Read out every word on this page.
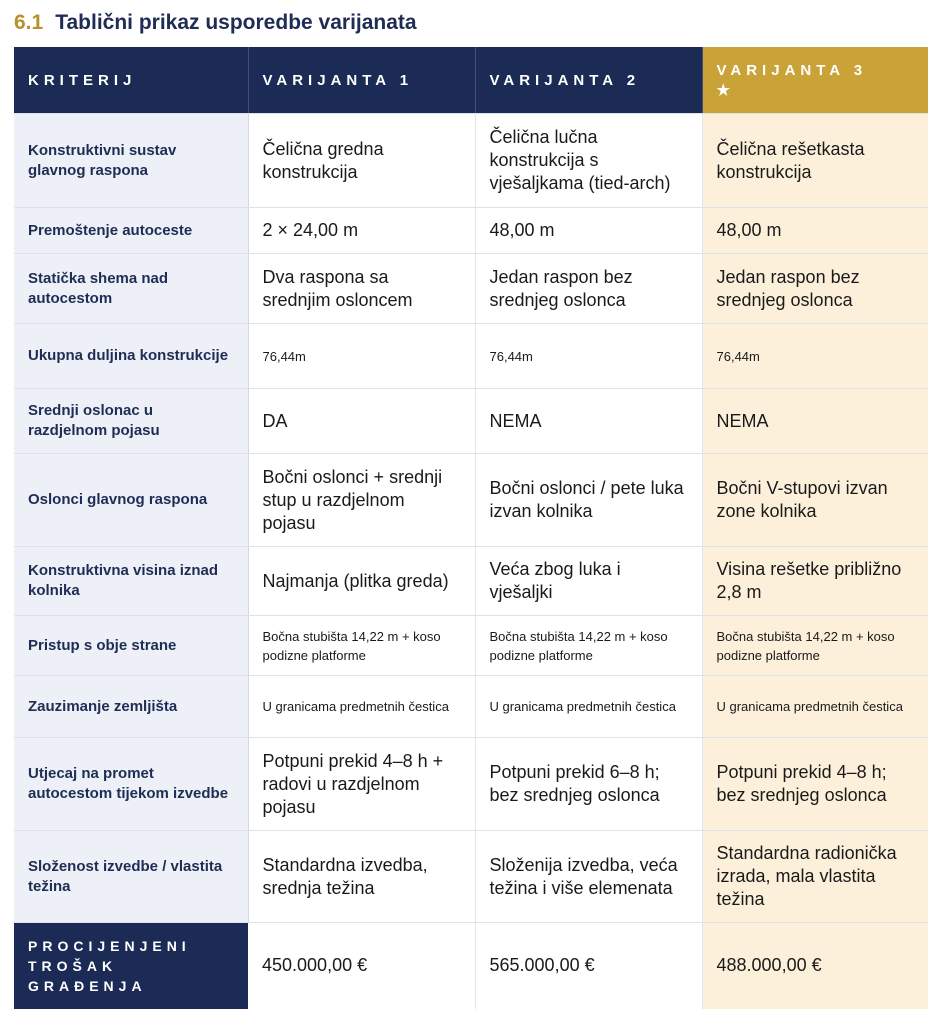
6.1 Tablični prikaz usporedbe varijanata
KRITERIJ	VARIJANTA 1	VARIJANTA 2	VARIJANTA 3
★

Konstruktivni sustav glavnog raspona	Čelična gredna konstrukcija	Čelična lučna konstrukcija s vješaljkama (tied-arch)	Čelična rešetkasta konstrukcija
Premoštenje autoceste	2 × 24,00 m	48,00 m	48,00 m
Statička shema nad autocestom	Dva raspona sa srednjim osloncem	Jedan raspon bez srednjeg oslonca	Jedan raspon bez srednjeg oslonca
Ukupna duljina konstrukcije	76,44m	76,44m	76,44m
Srednji oslonac u razdjelnom pojasu	DA	NEMA	NEMA
Oslonci glavnog raspona	Bočni oslonci + srednji stup u razdjelnom pojasu	Bočni oslonci / pete luka izvan kolnika	Bočni V-stupovi izvan zone kolnika
Konstruktivna visina iznad kolnika	Najmanja (plitka greda)	Veća zbog luka i vješaljki	Visina rešetke približno 2,8 m
Pristup s obje strane	Bočna stubišta 14,22 m + koso podizne platforme	Bočna stubišta 14,22 m + koso podizne platforme	Bočna stubišta 14,22 m + koso podizne platforme
Zauzimanje zemljišta	U granicama predmetnih čestica	U granicama predmetnih čestica	U granicama predmetnih čestica
Utjecaj na promet autocestom tijekom izvedbe	Potpuni prekid 4–8 h + radovi u razdjelnom pojasu	Potpuni prekid 6–8 h; bez srednjeg oslonca	Potpuni prekid 4–8 h; bez srednjeg oslonca
Složenost izvedbe / vlastita težina	Standardna izvedba, srednja težina	Složenija izvedba, veća težina i više elemenata	Standardna radionička izrada, mala vlastita težina
PROCIJENJENI TROŠAK GRAĐENJA	450.000,00 €	565.000,00 €	488.000,00 €
